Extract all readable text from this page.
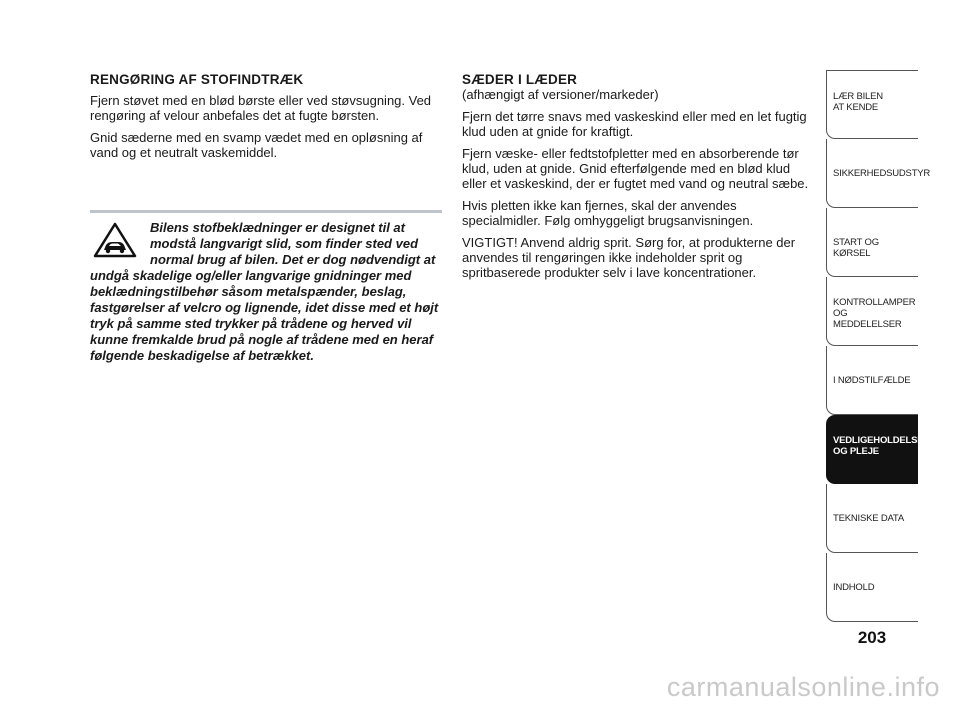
RENGØRING AF STOFINDTRÆK

Fjern støvet med en blød børste eller ved støvsugning. Ved rengøring af velour anbefales det at fugte børsten.

Gnid sæderne med en svamp vædet med en opløsning af vand og et neutralt vaskemiddel.

Bilens stofbeklædninger er designet til at modstå langvarigt slid, som finder sted ved normal brug af bilen. Det er dog nødvendigt at undgå skadelige og/eller langvarige gnidninger med beklædningstilbehør såsom metalspænder, beslag, fastgørelser af velcro og lignende, idet disse med et højt tryk på samme sted trykker på trådene og herved vil kunne fremkalde brud på nogle af trådene med en heraf følgende beskadigelse af betrækket.

SÆDER I LÆDER
(afhængigt af versioner/markeder)

Fjern det tørre snavs med vaskeskind eller med en let fugtig klud uden at gnide for kraftigt.

Fjern væske- eller fedtstofpletter med en absorberende tør klud, uden at gnide. Gnid efterfølgende med en blød klud eller et vaskeskind, der er fugtet med vand og neutral sæbe.

Hvis pletten ikke kan fjernes, skal der anvendes specialmidler. Følg omhyggeligt brugsanvisningen.

VIGTIGT! Anvend aldrig sprit. Sørg for, at produkterne der anvendes til rengøringen ikke indeholder sprit og spritbaserede produkter selv i lave koncentrationer.

LÆR BILEN
AT KENDE
SIKKERHEDSUDSTYR
START OG KØRSEL
KONTROLLAMPER
OG MEDDELELSER
I NØDSTILFÆLDE
VEDLIGEHOLDELSE
OG PLEJE
TEKNISKE DATA
INDHOLD
203
carmanualsonline.info
